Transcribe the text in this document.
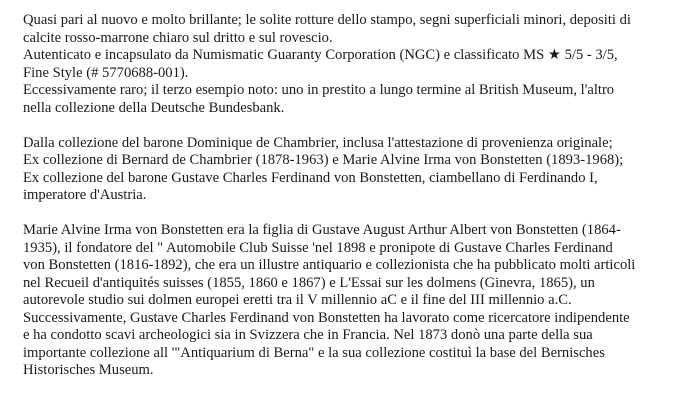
Quasi pari al nuovo e molto brillante; le solite rotture dello stampo, segni superficiali minori, depositi di
calcite rosso-marrone chiaro sul dritto e sul rovescio.
Autenticato e incapsulato da Numismatic Guaranty Corporation (NGC) e classificato MS ★ 5/5 - 3/5,
Fine Style (# 5770688-001).
Eccessivamente raro; il terzo esempio noto: uno in prestito a lungo termine al British Museum, l'altro
nella collezione della Deutsche Bundesbank.
Dalla collezione del barone Dominique de Chambrier, inclusa l'attestazione di provenienza originale;
Ex collezione di Bernard de Chambrier (1878-1963) e Marie Alvine Irma von Bonstetten (1893-1968);
Ex collezione del barone Gustave Charles Ferdinand von Bonstetten, ciambellano di Ferdinando I,
imperatore d'Austria.
Marie Alvine Irma von Bonstetten era la figlia di Gustave August Arthur Albert von Bonstetten (1864-
1935), il fondatore del " Automobile Club Suisse 'nel 1898 e pronipote di Gustave Charles Ferdinand
von Bonstetten (1816-1892), che era un illustre antiquario e collezionista che ha pubblicato molti articoli
nel Recueil d'antiquités suisses (1855, 1860 e 1867) e L'Essai sur les dolmens (Ginevra, 1865), un
autorevole studio sui dolmen europei eretti tra il V millennio aC e il fine del III millennio a.C.
Successivamente, Gustave Charles Ferdinand von Bonstetten ha lavorato come ricercatore indipendente
e ha condotto scavi archeologici sia in Svizzera che in Francia. Nel 1873 donò una parte della sua
importante collezione all '"Antiquarium di Berna" e la sua collezione costituì la base del Bernisches
Historisches Museum.
